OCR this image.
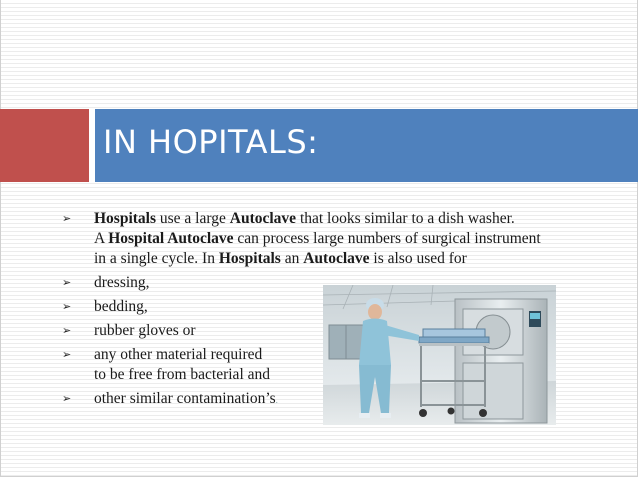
IN HOPITALS:
➢ Hospitals use a large Autoclave that looks similar to a dish washer.
A Hospital Autoclave can process large numbers of surgical instrument
in a single cycle. In Hospitals an Autoclave is also used for
➢ dressing,
➢ bedding,
➢ rubber gloves or
➢ any other material required
to be free from bacterial and
➢ other similar contamination’s.
